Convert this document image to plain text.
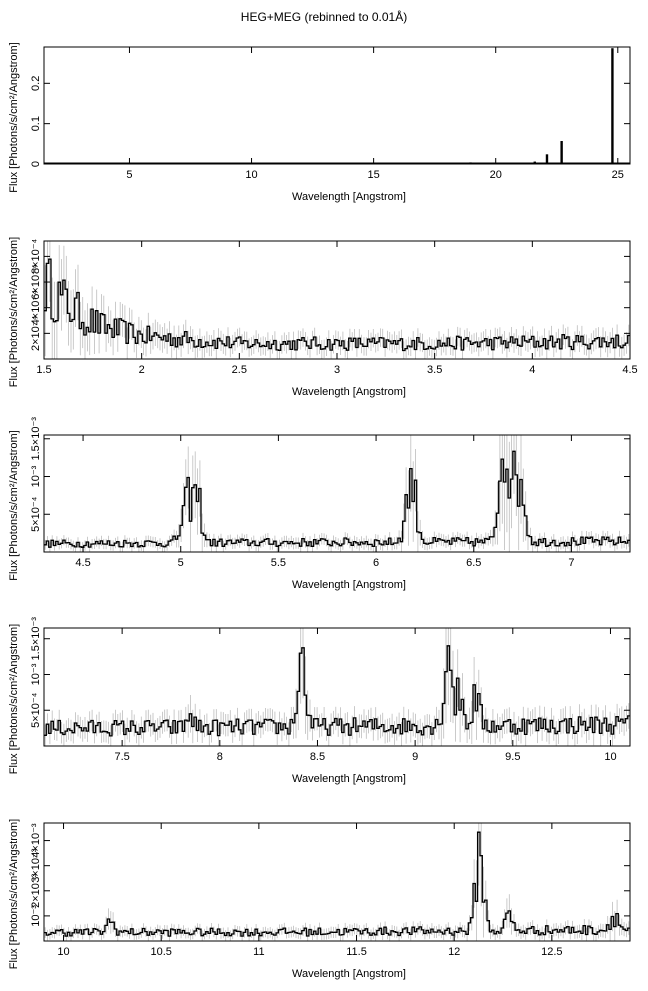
HEG+MEG (rebinned to 0.01Å)
5	10	15	20	25
0
0.1
0.2
Wavelength [Angstrom]
Flux [Photons/s/cm²/Angstrom]
1.5	2	2.5	3	3.5	4	4.5
2×10⁻⁴
4×10⁻⁴
6×10⁻⁴
8×10⁻⁴
Wavelength [Angstrom]
Flux [Photons/s/cm²/Angstrom]
4.5	5	5.5	6	6.5	7
5×10⁻⁴
10⁻³
1.5×10⁻³
Wavelength [Angstrom]
Flux [Photons/s/cm²/Angstrom]
7.5	8	8.5	9	9.5	10
5×10⁻⁴
10⁻³
1.5×10⁻³
Wavelength [Angstrom]
Flux [Photons/s/cm²/Angstrom]
10	10.5	11	11.5	12	12.5
10⁻³
2×10⁻³
3×10⁻³
4×10⁻³
Wavelength [Angstrom]
Flux [Photons/s/cm²/Angstrom]
